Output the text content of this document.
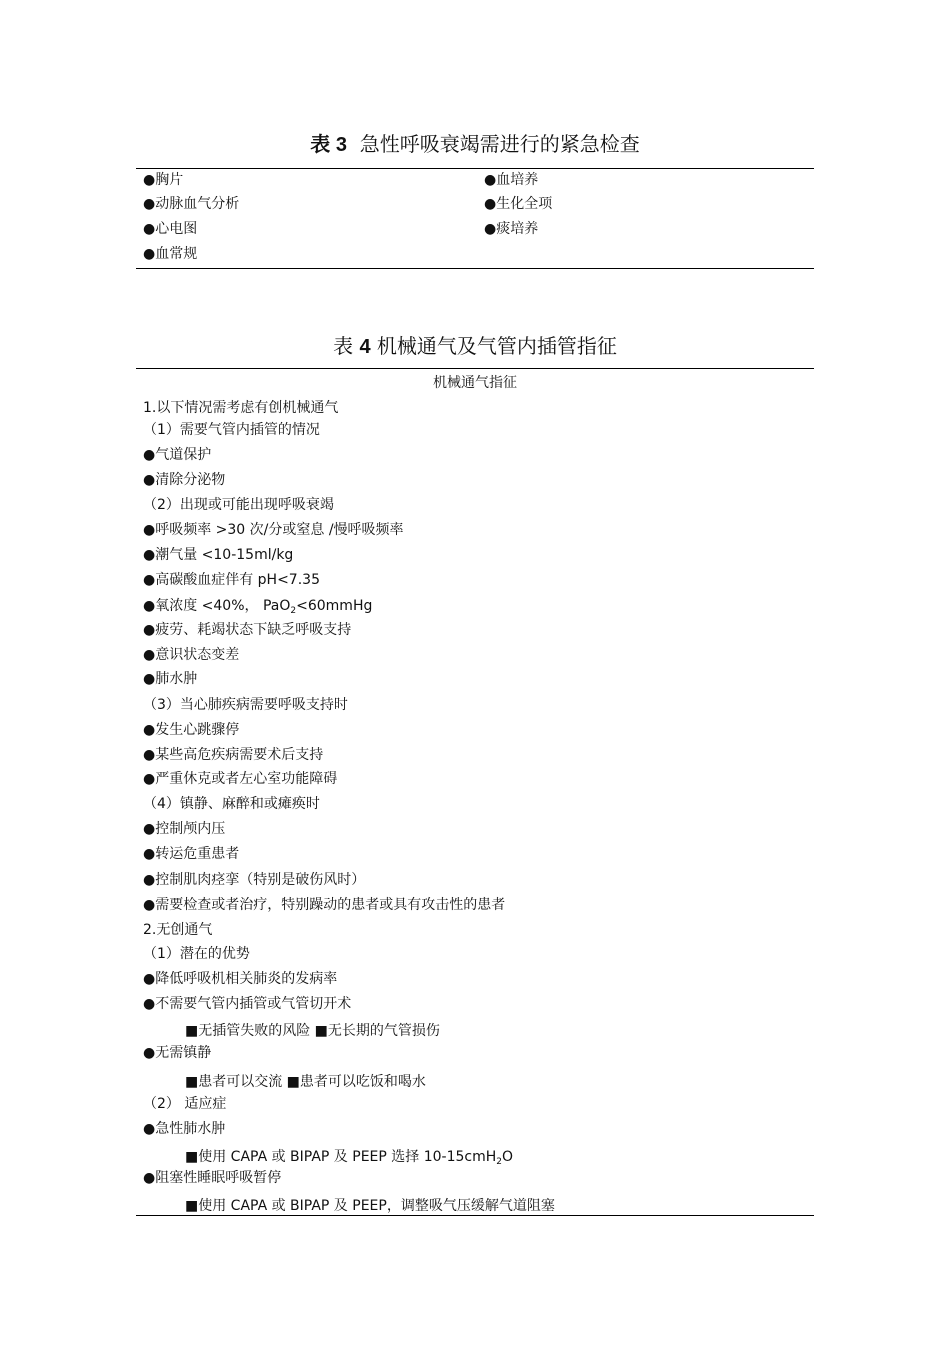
表 3 急性呼吸衰竭需进行的紧急检查
●胸片
●动脉血气分析
●心电图
●血常规
●血培养
●生化全项
●痰培养
表 4 机械通气及气管内插管指征
机械通气指征
1.以下情况需考虑有创机械通气
（1）需要气管内插管的情况
●气道保护
●清除分泌物
（2）出现或可能出现呼吸衰竭
●呼吸频率 >30 次/分或窒息 /慢呼吸频率
●潮气量 <10-15ml/kg
●高碳酸血症伴有 pH<7.35
●氧浓度 <40%， PaO$_2$<60mmHg
●疲劳、耗竭状态下缺乏呼吸支持
●意识状态变差
●肺水肿
（3）当心肺疾病需要呼吸支持时
●发生心跳骤停
●某些高危疾病需要术后支持
●严重休克或者左心室功能障碍
（4）镇静、麻醉和或瘫痪时
●控制颅内压
●转运危重患者
●控制肌肉痉挛（特别是破伤风时）
●需要检查或者治疗，特别躁动的患者或具有攻击性的患者
2.无创通气
（1）潜在的优势
●降低呼吸机相关肺炎的发病率
●不需要气管内插管或气管切开术
■无插管失败的风险 ■无长期的气管损伤
●无需镇静
■患者可以交流 ■患者可以吃饭和喝水
（2） 适应症
●急性肺水肿
■使用 CAPA 或 BIPAP 及 PEEP 选择 10-15cmH$_2$O
●阻塞性睡眠呼吸暂停
■使用 CAPA 或 BIPAP 及 PEEP，调整吸气压缓解气道阻塞
